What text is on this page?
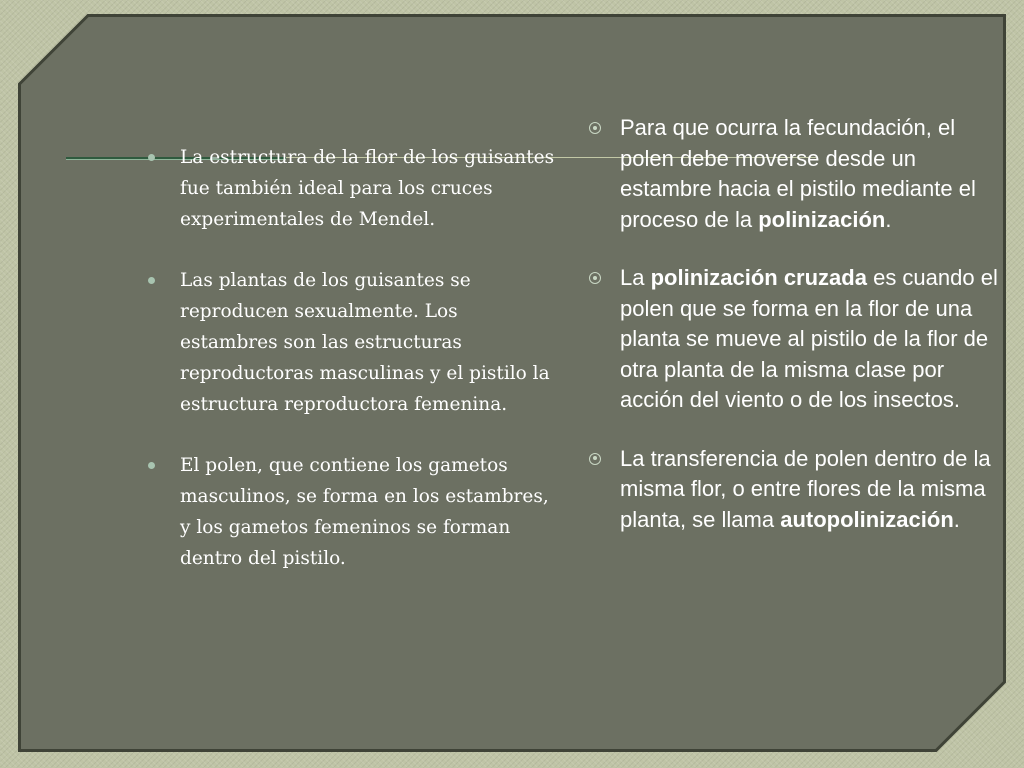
La estructura de la flor de los guisantes fue también ideal para los cruces experimentales de Mendel.
Las plantas de los guisantes se reproducen sexualmente. Los estambres son las estructuras reproductoras masculinas y el pistilo la estructura reproductora femenina.
El polen, que contiene los gametos masculinos, se forma en los estambres, y los gametos femeninos se forman dentro del pistilo.
Para que ocurra la fecundación, el polen debe moverse desde un estambre hacia el pistilo mediante el proceso de la polinización.
La polinización cruzada es cuando el polen que se forma en la flor de una planta se mueve al pistilo de la flor de otra planta de la misma clase por acción del viento o de los insectos.
La transferencia de polen dentro de la misma flor, o entre flores de la misma planta, se llama autopolinización.
